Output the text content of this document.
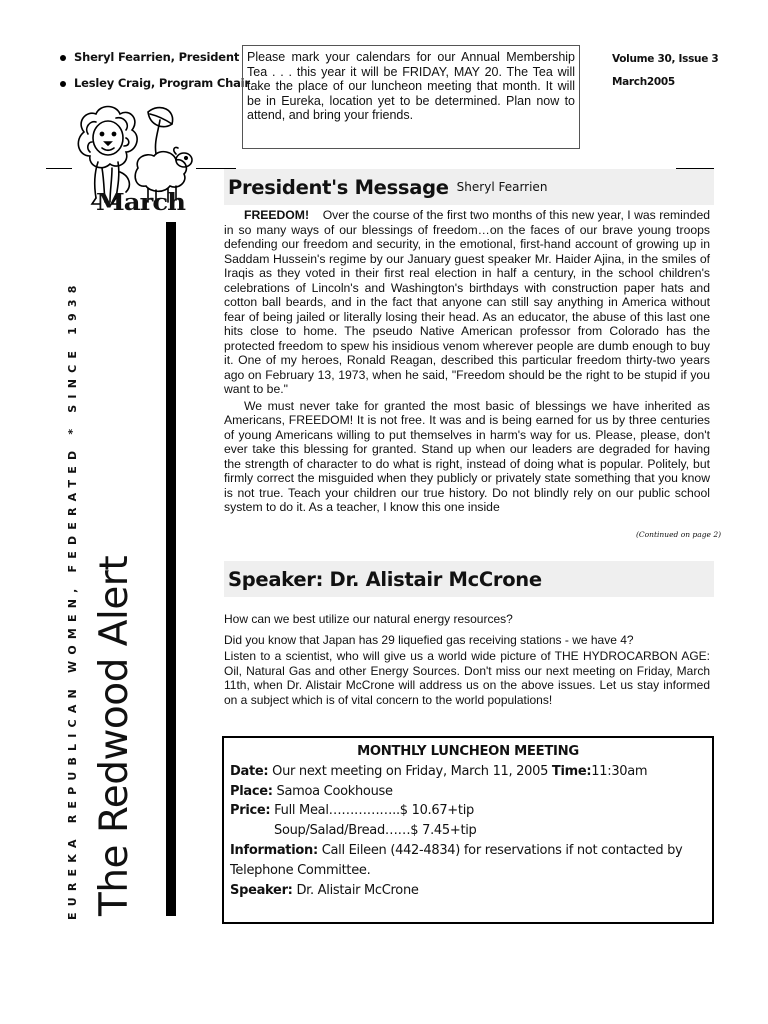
Sheryl Fearrien, President
Lesley Craig, Program Chair
Please mark your calendars for our Annual Membership Tea . . . this year it will be FRIDAY, MAY 20. The Tea will take the place of our luncheon meeting that month. It will be in Eureka, location yet to be determined. Plan now to attend, and bring your friends.
Volume 30, Issue 3
March2005
March
EUREKA REPUBLICAN WOMEN, FEDERATED * SINCE 1938 The Redwood Alert
President's Message Sheryl Fearrien

FREEDOM! Over the course of the first two months of this new year, I was reminded in so many ways of our blessings of freedom…on the faces of our brave young troops defending our freedom and security, in the emotional, first-hand account of growing up in Saddam Hussein's regime by our January guest speaker Mr. Haider Ajina, in the smiles of Iraqis as they voted in their first real election in half a century, in the school children's celebrations of Lincoln's and Washington's birthdays with construction paper hats and cotton ball beards, and in the fact that anyone can still say anything in America without fear of being jailed or literally losing their head. As an educator, the abuse of this last one hits close to home. The pseudo Native American professor from Colorado has the protected freedom to spew his insidious venom wherever people are dumb enough to buy it. One of my heroes, Ronald Reagan, described this particular freedom thirty-two years ago on February 13, 1973, when he said, "Freedom should be the right to be stupid if you want to be."

We must never take for granted the most basic of blessings we have inherited as Americans, FREEDOM! It is not free. It was and is being earned for us by three centuries of young Americans willing to put themselves in harm's way for us. Please, please, don't ever take this blessing for granted. Stand up when our leaders are degraded for having the strength of character to do what is right, instead of doing what is popular. Politely, but firmly correct the misguided when they publicly or privately state something that you know is not true. Teach your children our true history. Do not blindly rely on our public school system to do it. As a teacher, I know this one inside

(Continued on page 2)
Speaker: Dr. Alistair McCrone

How can we best utilize our natural energy resources?

Did you know that Japan has 29 liquefied gas receiving stations - we have 4?

Listen to a scientist, who will give us a world wide picture of THE HYDROCARBON AGE: Oil, Natural Gas and other Energy Sources. Don't miss our next meeting on Friday, March 11th, when Dr. Alistair McCrone will address us on the above issues. Let us stay informed on a subject which is of vital concern to the world populations!

MONTHLY LUNCHEON MEETING
Date: Our next meeting on Friday, March 11, 2005 Time:11:30am
Place: Samoa Cookhouse
Price: Full Meal……………..$ 10.67+tip
Soup/Salad/Bread……$ 7.45+tip
Information: Call Eileen (442-4834) for reservations if not contacted by Telephone Committee.
Speaker: Dr. Alistair McCrone
